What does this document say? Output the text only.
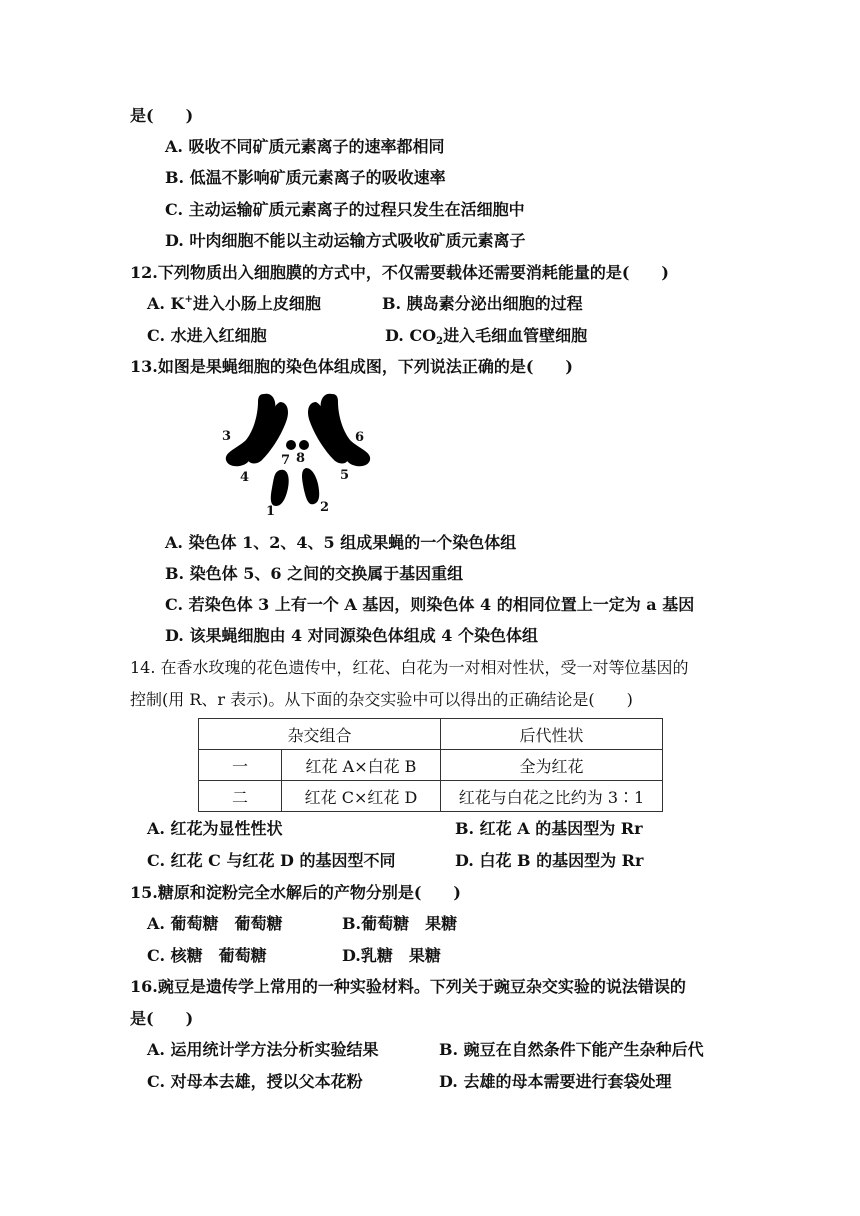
是(　　)
A. 吸收不同矿质元素离子的速率都相同
B. 低温不影响矿质元素离子的吸收速率
C. 主动运输矿质元素离子的过程只发生在活细胞中
D. 叶肉细胞不能以主动运输方式吸收矿质元素离子
12.下列物质出入细胞膜的方式中，不仅需要载体还需要消耗能量的是(　　)
A. K+进入小肠上皮细胞	B. 胰岛素分泌出细胞的过程
C. 水进入红细胞	D. $CO_2$进入毛细血管壁细胞
13.如图是果蝇细胞的染色体组成图，下列说法正确的是(　　)
1	2
3
4	5
6
7 8
A. 染色体 1、2、4、5 组成果蝇的一个染色体组
B. 染色体 5、6 之间的交换属于基因重组
C. 若染色体 3 上有一个 A 基因，则染色体 4 的相同位置上一定为 a 基因
D. 该果蝇细胞由 4 对同源染色体组成 4 个染色体组
14. 在香水玫瑰的花色遗传中，红花、白花为一对相对性状，受一对等位基因的
控制(用 R、r 表示)。从下面的杂交实验中可以得出的正确结论是(　　)
杂交组合		后代性状
一	红花 A×白花 B	全为红花
二	红花 C×红花 D	红花与白花之比约为 3∶1
A. 红花为显性性状	B. 红花 A 的基因型为 Rr
C. 红花 C 与红花 D 的基因型不同	D. 白花 B 的基因型为 Rr
15.糖原和淀粉完全水解后的产物分别是(　　)
A. 葡萄糖　葡萄糖	B.葡萄糖　果糖
C. 核糖　葡萄糖	D.乳糖　果糖
16.豌豆是遗传学上常用的一种实验材料。下列关于豌豆杂交实验的说法错误的
是(　　)
A. 运用统计学方法分析实验结果	B. 豌豆在自然条件下能产生杂种后代
C. 对母本去雄，授以父本花粉	D. 去雄的母本需要进行套袋处理
